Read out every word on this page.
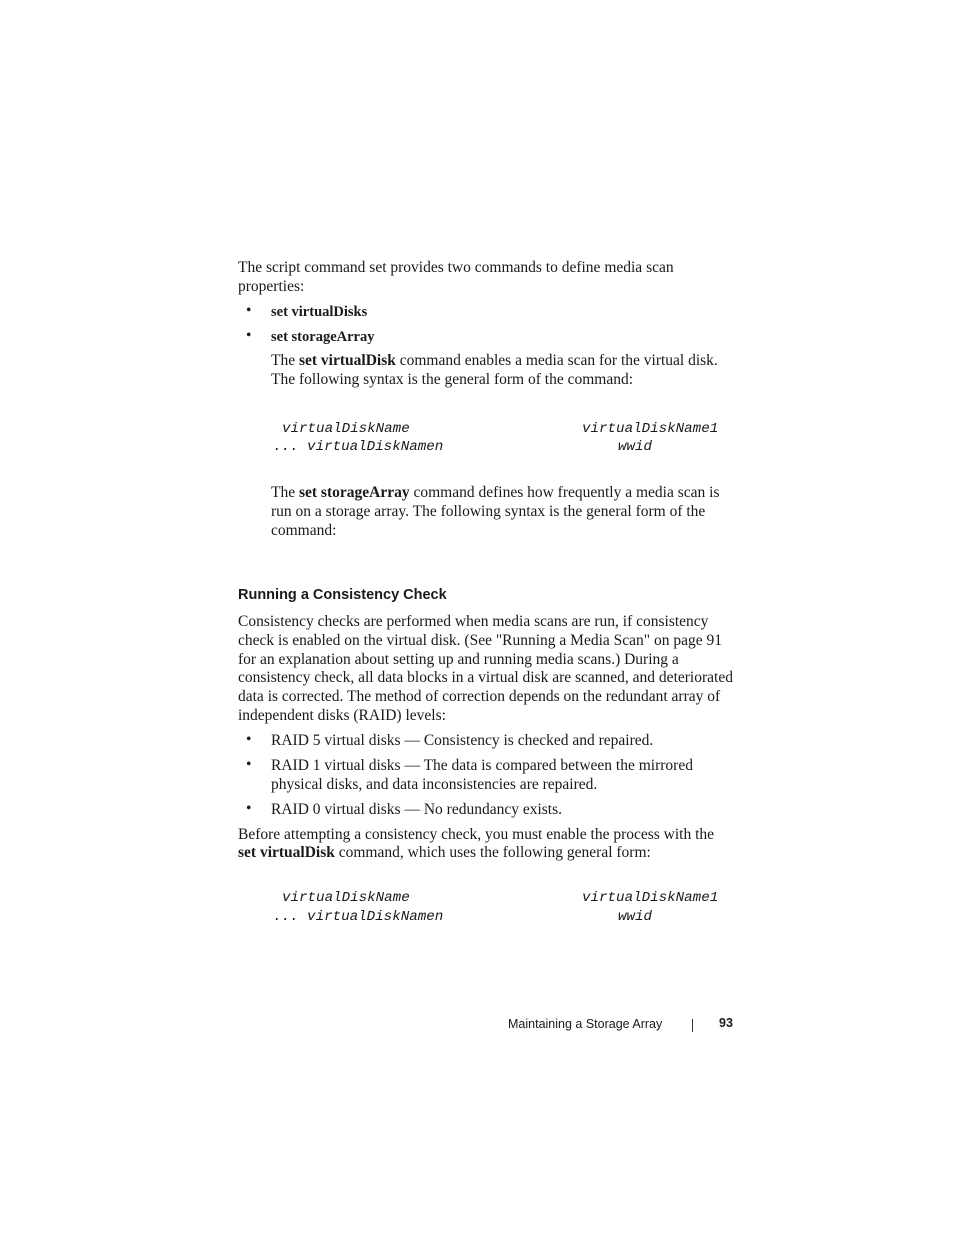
The script command set provides two commands to define media scan
properties:
• set virtualDisks
• set storageArray
The set virtualDisk command enables a media scan for the virtual disk.
The following syntax is the general form of the command:
virtualDiskName	virtualDiskName1
... virtualDiskNamen	wwid
The set storageArray command defines how frequently a media scan is
run on a storage array. The following syntax is the general form of the
command:
Running a Consistency Check
Consistency checks are performed when media scans are run, if consistency
check is enabled on the virtual disk. (See "Running a Media Scan" on page 91
for an explanation about setting up and running media scans.) During a
consistency check, all data blocks in a virtual disk are scanned, and deteriorated
data is corrected. The method of correction depends on the redundant array of
independent disks (RAID) levels:
• RAID 5 virtual disks — Consistency is checked and repaired.
• RAID 1 virtual disks — The data is compared between the mirrored
physical disks, and data inconsistencies are repaired.
• RAID 0 virtual disks — No redundancy exists.
Before attempting a consistency check, you must enable the process with the
set virtualDisk command, which uses the following general form:
virtualDiskName	virtualDiskName1
... virtualDiskNamen	wwid
Maintaining a Storage Array	93
